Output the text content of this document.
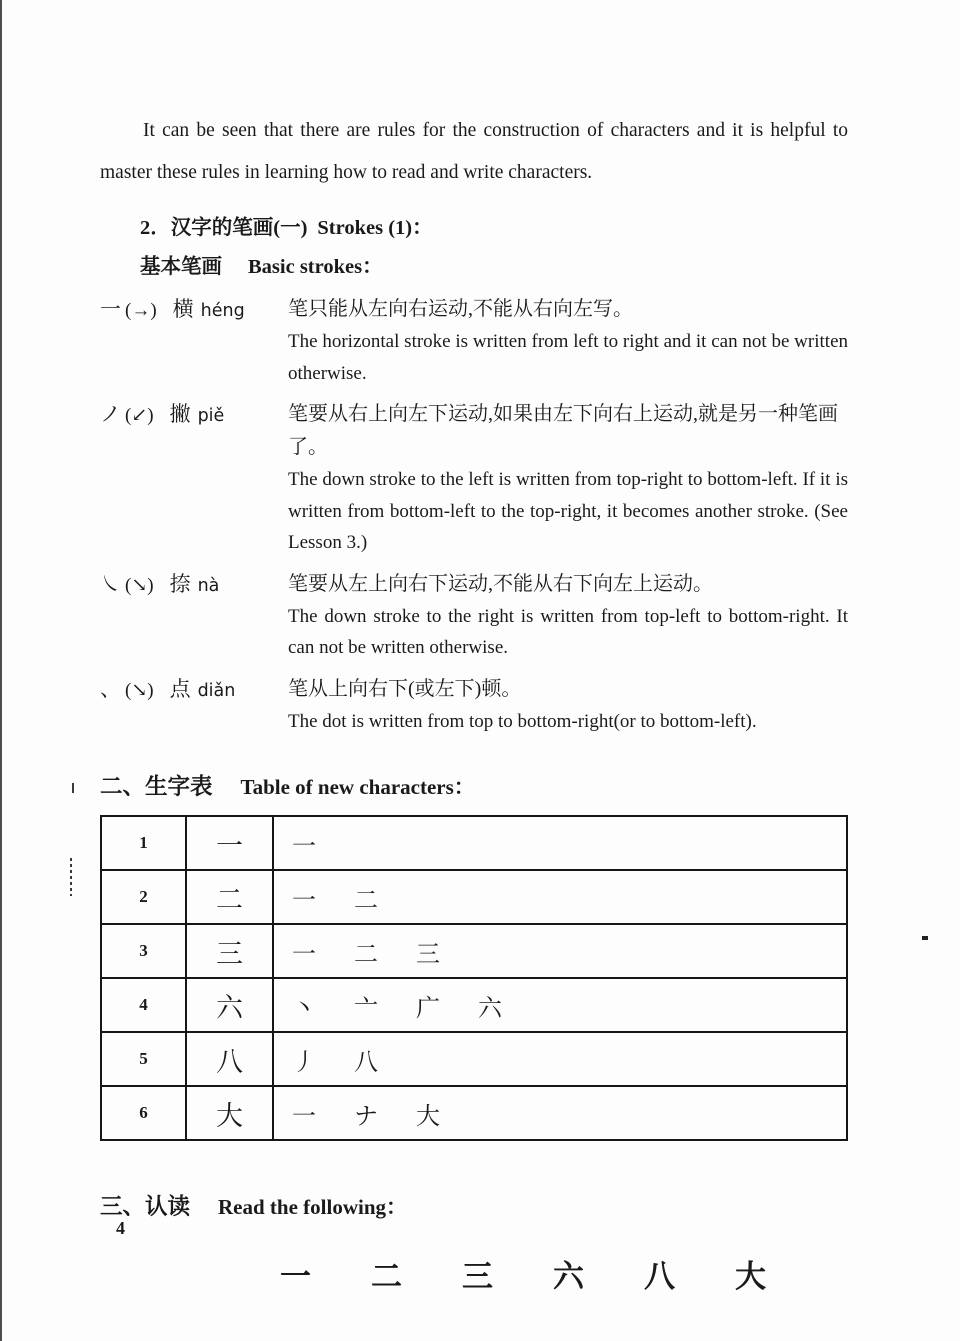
It can be seen that there are rules for the construction of characters and it is helpful to master these rules in learning how to read and write characters.

2．汉字的笔画(一) Strokes (1)：
基本笔画 Basic strokes：
一 (→) 横 héng	笔只能从左向右运动,不能从右向左写。

The horizontal stroke is written from left to right and it can not be written otherwise.

ノ (↙) 撇 piě	笔要从右上向左下运动,如果由左下向右上运动,就是另一种笔画了。

The down stroke to the left is written from top-right to bottom-left. If it is written from bottom-left to the top-right, it becomes another stroke. (See Lesson 3.)

㇏ (↘) 捺 nà	笔要从左上向右下运动,不能从右下向左上运动。

The down stroke to the right is written from top-left to bottom-right. It can not be written otherwise.

、 (↘) 点 diǎn	笔从上向右下(或左下)顿。

The dot is written from top to bottom-right(or to bottom-left).

二、生字表 Table of new characters：
1	一	一
2	二	一 二
3	三	一 二 三
4	六	丶 亠 广 六
5	八	丿 八
6	大	一 ナ 大
三、认读 Read the following：
一 二 三 六 八 大
4
